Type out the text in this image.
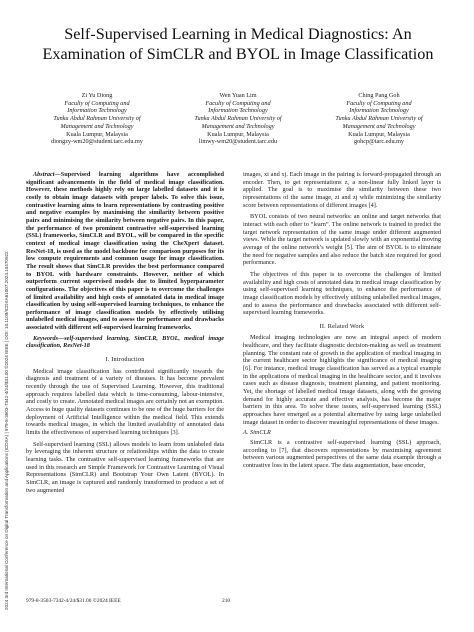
2024 3rd International Conference on Digital Transformation and Applications (ICDXA) | 979-8-3503-7342-4/24/$31.00 ©2024 IEEE | DOI: 10.1109/ICDXA61007.2024.10470922
Self-Supervised Learning in Medical Diagnostics: An Examination of SimCLR and BYOL in Image Classification
Zi Yu Diong
Faculty of Computing and
Information Technology
Tunku Abdul Rahman University of
Management and Technology
Kuala Lumpur, Malaysia
diongzy-wm20@student.tarc.edu.my
Wen Yuan Lim
Faculty of Computing and
Information Technology
Tunku Abdul Rahman University of
Management and Technology
Kuala Lumpur, Malaysia
limwy-wm20@student.tarc.edu
Ching Pang Goh
Faculty of Computing and
Information Technology
Tunku Abdul Rahman University of
Management and Technology
Kuala Lumpur, Malaysia
gohcp@tarc.edu.my

Abstract—Supervised learning algorithms have accomplished significant advancements in the field of medical image classification. However, these methods highly rely on large labelled datasets and it is costly to obtain image datasets with proper labels. To solve this issue, contrastive learning aims to learn representations by contrasting positive and negative examples by maximising the similarity between positive pairs and minimising the similarity between negative pairs. In this paper, the performance of two prominent contrastive self-supervised learning (SSL) frameworks, SimCLR and BYOL, will be compared in the specific context of medical image classification using the CheXpert dataset. ResNet-18, is used as the model backbone for comparison purposes for its low compute requirements and common usage for image classification. The result shows that SimCLR provides the best performance compared to BYOL with hardware constraints. However, neither of which outperform current supervised models due to limited hyperparameter configurations. The objectives of this paper is to overcome the challenges of limited availability and high costs of annotated data in medical image classification by using self-supervised learning techniques, to enhance the performance of image classification models by effectively utilising unlabelled medical images, and to assess the performance and drawbacks associated with different self-supervised learning frameworks.

Keywords—self-supervised learning, SimCLR, BYOL, medical image classification, ResNet-18

I. Introduction

Medical image classification has contributed significantly towards the diagnosis and treatment of a variety of diseases. It has become prevalent recently through the use of Supervised Learning. However, this traditional approach requires labelled data which is time-consuming, labour-intensive, and costly to create. Annotated medical images are certainly not an exemption. Access to huge quality datasets continues to be one of the huge barriers for the deployment of Artificial Intelligence within the medical field. This extends towards medical images, in which the limited availability of annotated data limits the effectiveness of supervised learning techniques [3].

Self-supervised learning (SSL) allows models to learn from unlabeled data by leveraging the inherent structure or relationships within the data to create learning tasks. The contrastive self-supervised learning frameworks that are used in this research are Simple Framework for Contrastive Learning of Visual Representations (SimCLR) and Bootstrap Your Own Latent (BYOL). In SimCLR, an image is captured and randomly transformed to produce a set of two augmented

images, xi and xj. Each image in the pairing is forward-propagated through an encoder. Then, to get representations z, a non-linear fully linked layer is applied. The goal is to maximise the similarity between these two representations of the same image, zi and zj while minimizing the similarity score between representations of different images [4].

BYOL consists of two neural networks: an online and target networks that interact with each other to “learn”. The online network is trained to predict the target network representation of the same image under different augmented views. While the target network is updated slowly with an exponential moving average of the online network’s weight [5]. The aim of BYOL is to eliminate the need for negative samples and also reduce the batch size required for good performance.

The objectives of this paper is to overcome the challenges of limited availability and high costs of annotated data in medical image classification by using self-supervised learning techniques, to enhance the performance of image classification models by effectively utilising unlabelled medical images, and to assess the performance and drawbacks associated with different self-supervised learning frameworks.

II. Related Work

Medical imaging technologies are now an integral aspect of modern healthcare, and they facilitate diagnostic decision-making as well as treatment planning. The constant rate of growth in the application of medical imaging in the current healthcare sector highlights the significance of medical imaging [6]. For instance, medical image classification has served as a typical example in the applications of medical imaging in the healthcare sector, and it involves cases such as disease diagnosis, treatment planning, and patient monitoring. Yet, the shortage of labelled medical image datasets, along with the growing demand for highly accurate and effective analysis, has become the major barriers in this area. To solve these issues, self-supervised learning (SSL) approaches have emerged as a potential alternative by using large unlabelled image dataset in order to discover meaningful representations of these images.

A. SimCLR

SimCLR is a contrastive self-supervised learning (SSL) approach, according to [7], that discovers representations by maximising agreement between various augmented perspectives of the same data example through a contrastive loss in the latent space. The data augmentation, base encoder,

979-8-3503-7342-4/24/$31.00 ©2024 IEEE	210
